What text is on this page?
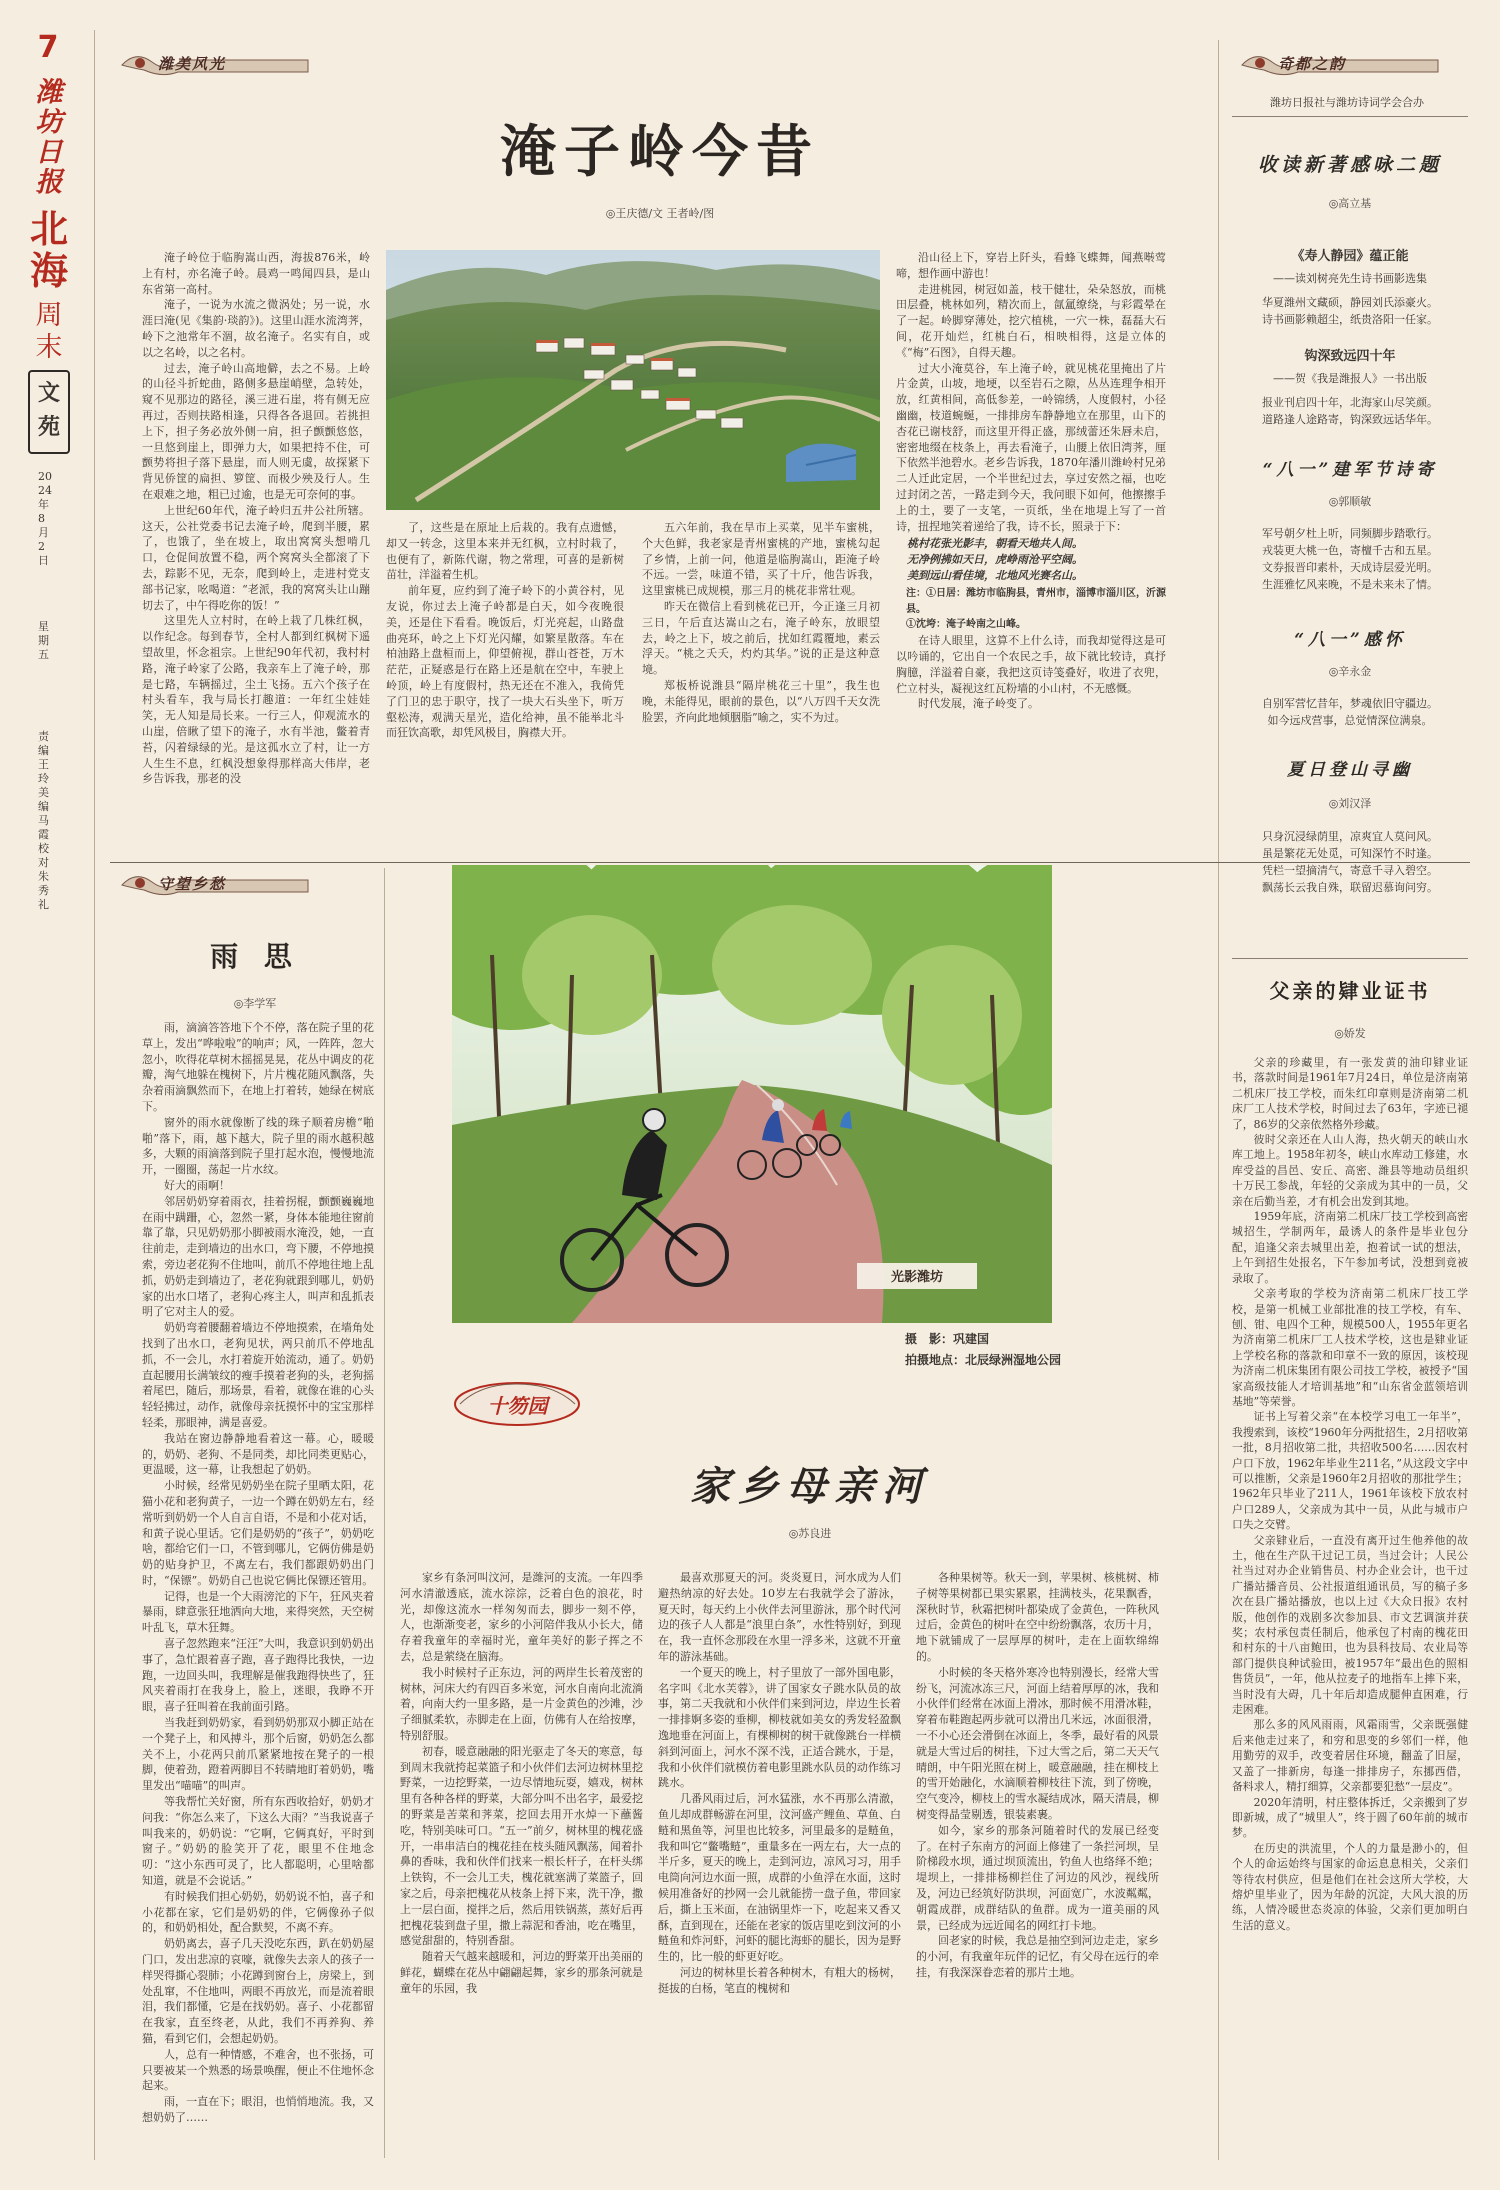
7
潍坊日报
北海
周末
文苑
2024年8月2日
星期五
责编 王玲 美编 马霞 校对 朱秀礼
潍美风光
淹子岭今昔
◎王庆德/文 王者岭/图

淹子岭位于临朐嵩山西，海拔876米，岭上有村，亦名淹子岭。晨鸡一鸣闻四县，是山东省第一高村。

淹子，一说为水流之微涡处；另一说，水涯曰淹(见《集韵·琰韵》)。这里山涯水流湾荠，岭下之池常年不涸，故名淹子。名实有自，或以之名岭，以之名村。

过去，淹子岭山高地僻，去之不易。上岭的山径斗折蛇曲，路侧多悬崖峭壁，急转处，窥不见那边的路径，溪三进石崖，将有侧无应再过，否则扶路相逢，只得各各退回。若挑担上下，担子务必放外侧一肩，担子颤颤悠悠，一旦悠到崖上，即弹力大，如果把持不住，可颤势将担子落下悬崖，而人则无虞，故探紧下背见侨筐的扁担、箩筐、而极少殃及行人。生在艰难之地，粗已过逾，也是无可奈何的事。

上世纪60年代，淹子岭归五井公社所辖。这天，公社党委书记去淹子岭，爬到半腰，累了，也饿了，坐在坡上，取出窝窝头想啃几口，仓促间放置不稳，两个窝窝头全都滚了下去，踪影不见，无奈，爬到岭上，走进村党支部书记家，吆喝道：“老派，我的窝窝头让山蹦切去了，中午得吃你的饭！”

这里先人立村时，在岭上栽了几株红枫，以作纪念。每到春节，全村人都到红枫树下遥望故里，怀念祖宗。上世纪90年代初，我村村路，淹子岭家了公路，我亲车上了淹子岭，那是七路，车辆摇过，尘土飞扬。五六个孩子在村头看车，我与局长打趣道：一年红尘娃娃笑，无人知是局长来。一行三人，仰观流水的山崖，倍瞅了望下的淹子，水有半池，鳖着青苔，闪着绿绿的光。是这孤水立了村，让一方人生生不息，红枫没想象得那样高大伟岸，老乡告诉我，那老的没

了，这些是在原址上后栽的。我有点遗憾，却又一转念，这里本来并无红枫，立村时栽了，也便有了，新陈代谢，物之常理，可喜的是新树苗壮，洋溢着生机。

前年夏，应约到了淹子岭下的小黄谷村，见友说，你过去上淹子岭都是白天，如今夜晚很美，还是住下看看。晚饭后，灯光亮起，山路盘曲亮环，岭之上下灯光闪耀，如繁星散落。车在柏油路上盘桓而上，仰望俯视，群山苍苍，万木茫茫，正疑惑是行在路上还是航在空中，车驶上岭顶，岭上有度假村，热无还在不准入，我倚凭了门卫的忠于职守，找了一块大石头坐下，听万壑松涛，观满天星光，造化给神，虽不能举北斗而狂饮高歌，却凭风极目，胸襟大开。

五六年前，我在旱市上买菜，见半车蜜桃，个大色鲜，我老家是青州蜜桃的产地，蜜桃勾起了乡情，上前一问，他道是临朐嵩山，距淹子岭不远。一尝，味道不错，买了十斤，他告诉我，这里蜜桃已成规模，那三月的桃花非常壮观。

昨天在微信上看到桃花已开，今正逢三月初三日，午后直达嵩山之右，淹子岭东，放眼望去，岭之上下，坡之前后，扰如红霞覆地，素云浮天。“桃之夭夭，灼灼其华。”说的正是这种意境。

郑板桥说潍县“隔岸桃花三十里”，我生也晚，未能得见，眼前的景色，以“八万四千天女洗脸罢，齐向此地倾胭脂”喻之，实不为过。

沿山径上下，穿岩上阡头，看蜂飞蝶舞，闻燕啭莺啼，想作画中游也！

走进桃园，树冠如盖，枝干健壮，朵朵怒放，而桃田层叠，桃林如列，精次而上，氤氲缭绕，与彩霞晕在了一起。岭脚穿薄处，挖穴植桃，一穴一株，磊磊大石间，花开灿烂，红桃白石，相映相得，这是立体的《“梅”石图》，自得天趣。

过大小淹莫谷，车上淹子岭，就见桃花里掩出了片片金黄，山坡，地埂，以至岩石之隙，丛丛连理争相开放，红黄相间，高低参差，一岭锦绣，人度假村，小径幽幽，枝道蜿蜒，一排排房车静静地立在那里，山下的杏花已谢枝舒，而这里开得正盛，那绒蕾还朱唇未启，密密地缀在枝条上，再去看淹子，山腰上依旧湾荠，厘下依然半池碧水。老乡告诉我，1870年潘川潍岭村兄弟二人迁此定居，一个半世纪过去，享过安然之福，也吃过封闭之苦，一路走到今天，我问眼下如何，他擦擦手上的土，要了一支笔，一页纸，坐在地堤上写了一首诗，扭捏地笑着递给了我，诗不长，照录于下：

桃村花张光影丰，朝看天地共人间。
无净例拂如天日，虎峥雨沧平空阔。
美到远山看佳境，北地风光赛名山。
注：①日居：潍坊市临朐县，青州市，淄博市淄川区，沂源县。
①沈垮：淹子岭南之山峰。

在诗人眼里，这算不上什么诗，而我却觉得这是可以吟诵的，它出自一个农民之手，故下就比较诗，真抒胸臆，洋溢着自豪，我把这页诗笺叠好，收进了衣兜，伫立村头，凝视这红瓦粉墙的小山村，不无感慨。

时代发展，淹子岭变了。

奇都之韵
潍坊日报社与潍坊诗词学会合办
收读新著感咏二题
◎高立基
《寿人静园》蕴正能
——读刘树亮先生诗书画影选集
华夏潍州文藏硕，静园刘氏添豪火。
诗书画影赖超尘，纸贵洛阳一任家。
钩深致远四十年
——贺《我是潍报人》一书出版
报业刊启四十年，北海家山尽笑颜。
道路逢人途路寄，钩深致远话华年。
“八一”建军节诗寄
◎郭顺敏
军号朝夕杜上听，同频脚步踏歌行。
戎装更大桃一色，寄檀千古和五星。
文券报晋印素朴，天成诗层爱光明。
生涯雅忆风来晚，不是未来未了情。
“八一”感怀
◎辛永金
自别军营忆昔年，梦魂依旧守疆边。
如今远戍营事，总觉情深位满泉。
夏日登山寻幽
◎刘汉泽
只身沉浸绿荫里，凉爽宜人莫问风。
虽是繁花无处觅，可知深竹不时逢。
凭栏一望摘清气，寄意千寻入碧空。
飘荡长云我自殊，联留迟慕询问穷。
守望乡愁
雨 思
◎李学军

雨，滴滴答答地下个不停，落在院子里的花草上，发出“哗啦啦”的响声；风，一阵阵，忽大忽小，吹得花草树木摇摇晃晃，花丛中调皮的花瓣，淘气地躲在槐树下，片片槐花随风飘落，失杂着雨滴飘然而下，在地上打着转，她绿在树底下。

窗外的雨水就像断了线的珠子顺着房檐“啪啪”落下，雨，越下越大，院子里的雨水越积越多，大颗的雨滴落到院子里打起水泡，慢慢地流开，一圈圈，荡起一片水纹。

好大的雨啊！

邻居奶奶穿着雨衣，挂着拐棍，颤颤巍巍地在雨中蹒跚，心，忽然一紧，身体本能地往窗前靠了靠，只见奶奶那小脚被雨水淹没，她，一直往前走，走到墙边的出水口，弯下腰，不停地摸索，旁边老花狗不住地叫，前爪不停地往地上乱抓，奶奶走到墙边了，老花狗就跟到哪儿，奶奶家的出水口堵了，老狗心疼主人，叫声和乱抓表明了它对主人的爱。

奶奶弯着腰翻着墙边不停地摸索，在墙角处找到了出水口，老狗见状，两只前爪不停地乱抓，不一会儿，水打着旋开始流动，通了。奶奶直起腰用长满皱纹的瘦手摸着老狗的头，老狗摇着尾巴，随后，那场景，看着，就像在谁的心头轻轻拂过，动作，就像母亲抚摸怀中的宝宝那样轻柔，那眼神，满是喜爱。

我站在窗边静静地看着这一幕。心，暖暖的，奶奶、老狗、不是同类，却比同类更贴心，更温暖，这一幕，让我想起了奶奶。

小时候，经常见奶奶坐在院子里晒太阳，花猫小花和老狗黄子，一边一个蹲在奶奶左右，经常听到奶奶一个人自言自语，不是和小花对话，和黄子说心里话。它们是奶奶的“孩子”，奶奶吃啥，都给它们一口，不管到哪儿，它俩仿佛是奶奶的贴身护卫，不离左右，我们都跟奶奶出门时，“保镖”。奶奶自己也说它俩比保镖还管用。

记得，也是一个大雨滂沱的下午，狂风夹着暴雨，肆意张狂地洒向大地，来得突然，天空树叶乱飞，草木狂舞。

喜子忽然跑来“汪汪”大叫，我意识到奶奶出事了，急忙跟着喜子跑，喜子跑得比我快，一边跑，一边回头叫，我理解是催我跑得快些了，狂风夹着雨打在我身上，脸上，迷眼，我睁不开眼，喜子狂叫着在我前面引路。

当我赶到奶奶家，看到奶奶那双小脚正站在一个凳子上，和风搏斗，那个后窗，奶奶怎么都关不上，小花两只前爪紧紧地按在凳子的一根脚，使着劲，蹬着两脚目不转睛地盯着奶奶，嘴里发出“喵喵”的叫声。

等我帮忙关好窗，所有东西收拾好，奶奶才问我：“你怎么来了，下这么大雨？”当我说喜子叫我来的，奶奶说：“它啊，它俩真好，平时到窗子。”奶奶的脸笑开了花，眼里不住地念叨：“这小东西可灵了，比人都聪明，心里啥都知道，就是不会说话。”

有时候我们担心奶奶，奶奶说不怕，喜子和小花都在家，它们是奶奶的伴，它俩像孙子似的，和奶奶相处，配合默契，不离不弃。

奶奶离去，喜子几天没吃东西，趴在奶奶屋门口，发出悲凉的哀嚎，就像失去亲人的孩子一样哭得撕心裂肺；小花蹲到窗台上，房梁上，到处乱窜，不住地叫，两眼不再放光，而是流着眼泪，我们都懂，它是在找奶奶。喜子、小花都留在我家，直至终老，从此，我们不再养狗、养猫，看到它们，会想起奶奶。

人，总有一种情感，不难舍，也不张扬，可只要被某一个熟悉的场景唤醒，便止不住地怀念起来。

雨，一直在下；眼泪，也悄悄地流。我，又想奶奶了……

光影潍坊
摄　影：巩建国
拍摄地点：北辰绿洲湿地公园
十笏园
家乡母亲河
◎苏良进

家乡有条河叫汶河，是潍河的支流。一年四季河水清澈透底，流水淙淙，泛着白色的浪花，时光，却像这流水一样匆匆而去，脚步一刻不停，人，也渐渐变老，家乡的小河陪伴我从小长大，储存着我童年的幸福时光，童年美好的影子挥之不去，总是萦绕在脑海。

我小时候村子正东边，河的两岸生长着茂密的树林，河床大约有四百多米宽，河水自南向北流淌着，向南大约一里多路，是一片金黄色的沙滩，沙子细腻柔软，赤脚走在上面，仿佛有人在给按摩，特别舒服。

初春，暖意融融的阳光驱走了冬天的寒意，每到周末我就挎起菜篮子和小伙伴们去河边树林里挖野菜，一边挖野菜，一边尽情地玩耍，嬉戏，树林里有各种各样的野菜，大部分叫不出名字，最爱挖的野菜是苦菜和荠菜，挖回去用开水焯一下蘸酱吃，特别美味可口。“五一”前夕，树林里的槐花盛开，一串串洁白的槐花挂在枝头随风飘荡，闻着扑鼻的香味，我和伙伴们找来一根长杆子，在杆头绑上铁钩，不一会儿工夫，槐花就塞满了菜篮子，回家之后，母亲把槐花从枝条上捋下来，洗干净，撒上一层白面，搅拌之后，然后用铁锅蒸，蒸好后再把槐花装到盘子里，撒上蒜泥和香油，吃在嘴里，感觉甜甜的，特别香甜。

随着天气越来越暖和，河边的野菜开出美丽的鲜花，蝴蝶在花丛中翩翩起舞，家乡的那条河就是童年的乐园，我

最喜欢那夏天的河。炎炎夏日，河水成为人们避热纳凉的好去处。10岁左右我就学会了游泳，夏天时，每天约上小伙伴去河里游泳，那个时代河边的孩子人人都是“浪里白条”，水性特别好，到现在，我一直怀念那段在水里一浮多米，这就不开童年的游泳基础。

一个夏天的晚上，村子里放了一部外国电影，名字叫《北水芙蓉》，讲了国家女子跳水队员的故事，第二天我就和小伙伴们来到河边，岸边生长着一排排婀多姿的垂柳，柳枝就如美女的秀发轻盈飘逸地垂在河面上，有棵柳树的树干就像跳台一样横斜到河面上，河水不深不浅，正适合跳水，于是，我和小伙伴们就模仿着电影里跳水队员的动作练习跳水。

几番风雨过后，河水猛涨，水不再那么清澈，鱼儿却成群畅游在河里，汶河盛产鲤鱼、草鱼、白鲢和黑鱼等，河里也比较多，河里最多的是鲢鱼，我和叫它“鳖嘴鲢”，重量多在一两左右，大一点的半斤多，夏天的晚上，走到河边，凉风习习，用手电筒向河边水面一照，成群的小鱼浮在水面，这时候用准备好的抄网一会儿就能捞一盘子鱼，带回家后，撕上玉米面，在油锅里炸一下，吃起来又香又酥，直到现在，还能在老家的饭店里吃到汶河的小鲢鱼和炸河虾，河虾的腿比海虾的腿长，因为是野生的，比一般的虾更好吃。

河边的树林里长着各种树木，有粗大的杨树，挺拔的白杨，笔直的槐树和

各种果树等。秋天一到，苹果树、核桃树、柿子树等果树都已果实累累，挂满枝头，花果飘香，深秋时节，秋霜把树叶都染成了金黄色，一阵秋风过后，金黄色的树叶在空中纷纷飘落，农历十月，地下就铺成了一层厚厚的树叶，走在上面软绵绵的。

小时候的冬天格外寒冷也特别漫长，经常大雪纷飞，河流冰冻三尺，河面上结着厚厚的冰，我和小伙伴们经常在冰面上滑冰，那时候不用滑冰鞋，穿着布鞋跑起两步就可以滑出几米远，冰面很滑，一不小心还会滑倒在冰面上，冬季，最好看的风景就是大雪过后的树挂，下过大雪之后，第二天天气晴朗，中午阳光照在树上，暖意融融，挂在柳枝上的雪开始融化，水滴顺着柳枝往下流，到了傍晚，空气变冷，柳枝上的雪水凝结成冰，隔天清晨，柳树变得晶莹剔透，银装素裹。

如今，家乡的那条河随着时代的发展已经变了。在村子东南方的河面上修建了一条拦河坝，呈阶梯段水坝，通过坝顶流出，钓鱼人也络绎不绝；堤坝上，一排排杨柳拦住了河边的风沙，视线所及，河边已经筑好防洪坝，河面宽广，水波粼粼，朝霞成群，成群结队的鱼群。成为一道美丽的风景，已经成为远近闻名的网红打卡地。

回老家的时候，我总是抽空到河边走走，家乡的小河，有我童年玩伴的记忆，有父母在远行的牵挂，有我深深眷恋着的那片土地。

父亲的肄业证书
◎娇发

父亲的珍藏里，有一张发黄的油印肄业证书，落款时间是1961年7月24日，单位是济南第二机床厂技工学校，而朱红印章则是济南第二机床厂工人技术学校，时间过去了63年，字迹已褪了，86岁的父亲依然格外珍藏。

彼时父亲还在人山人海，热火朝天的峡山水库工地上。1958年初冬，峡山水库动工修建，水库受益的昌邑、安丘、高密、潍县等地动员组织十万民工参战，年轻的父亲成为其中的一员，父亲在后勤当差，才有机会出发到其地。

1959年底，济南第二机床厂技工学校到高密城招生，学制两年，最诱人的条件是毕业包分配，追逢父亲去城里出差，抱着试一试的想法，上午到招生处报名，下午参加考试，没想到竟被录取了。

父亲考取的学校为济南第二机床厂技工学校，是第一机械工业部批准的技工学校，有车、刨、钳、电四个工种，规模500人，1955年更名为济南第二机床厂工人技术学校，这也是肄业证上学校名称的落款和印章不一致的原因，该校现为济南二机床集团有限公司技工学校，被授予“国家高级技能人才培训基地”和“山东省金蓝领培训基地”等荣誉。

证书上写着父亲“在本校学习电工一年半”，我搜索到，该校“1960年分两批招生，2月招收第一批，8月招收第二批，共招收500名……因农村户口下放，1962年毕业生211名，”从这段文字中可以推断，父亲是1960年2月招收的那批学生；1962年只毕业了211人，1961年该校下放农村户口289人，父亲成为其中一员，从此与城市户口失之交臂。

父亲肄业后，一直没有离开过生他养他的故土，他在生产队干过记工员，当过会计；人民公社当过对办企业销售员、村办企业会计，也干过广播站播音员、公社报道组通讯员，写的稿子多次在县广播站播放，也以上过《大众日报》农村版，他创作的戏剧多次参加县、市文艺调演并获奖；农村承包责任制后，他承包了村南的槐花田和村东的十八亩鲍田，也为县科技局、农业局等部门提供良种试验田，被1957年“最出色的照相售货员”，一年，他从拉麦子的地指车上摔下来，当时没有大碍，几十年后却造成腿伸直困难，行走困难。

那么多的风风雨雨，风霜雨雪，父亲既强健后来他走过来了，和穷和思变的乡邻们一样，他用勤劳的双手，改变着居住环境，翻盖了旧屋，又盖了一排新房，每逢一排排房子，东挪西借，备料求人，精打细算，父亲都要犯愁“一层皮”。

2020年清明，村庄整体拆迁，父亲搬到了岁即新城，成了“城里人”，终于圆了60年前的城市梦。

在历史的洪流里，个人的力量是渺小的，但个人的命运始终与国家的命运息息相关，父亲们等待农村供应，但是他们在社会这所大学校，大熔炉里毕业了，因为年龄的沉淀，大风大浪的历练，人情冷暖世态炎凉的体验，父亲们更加明白生活的意义。
